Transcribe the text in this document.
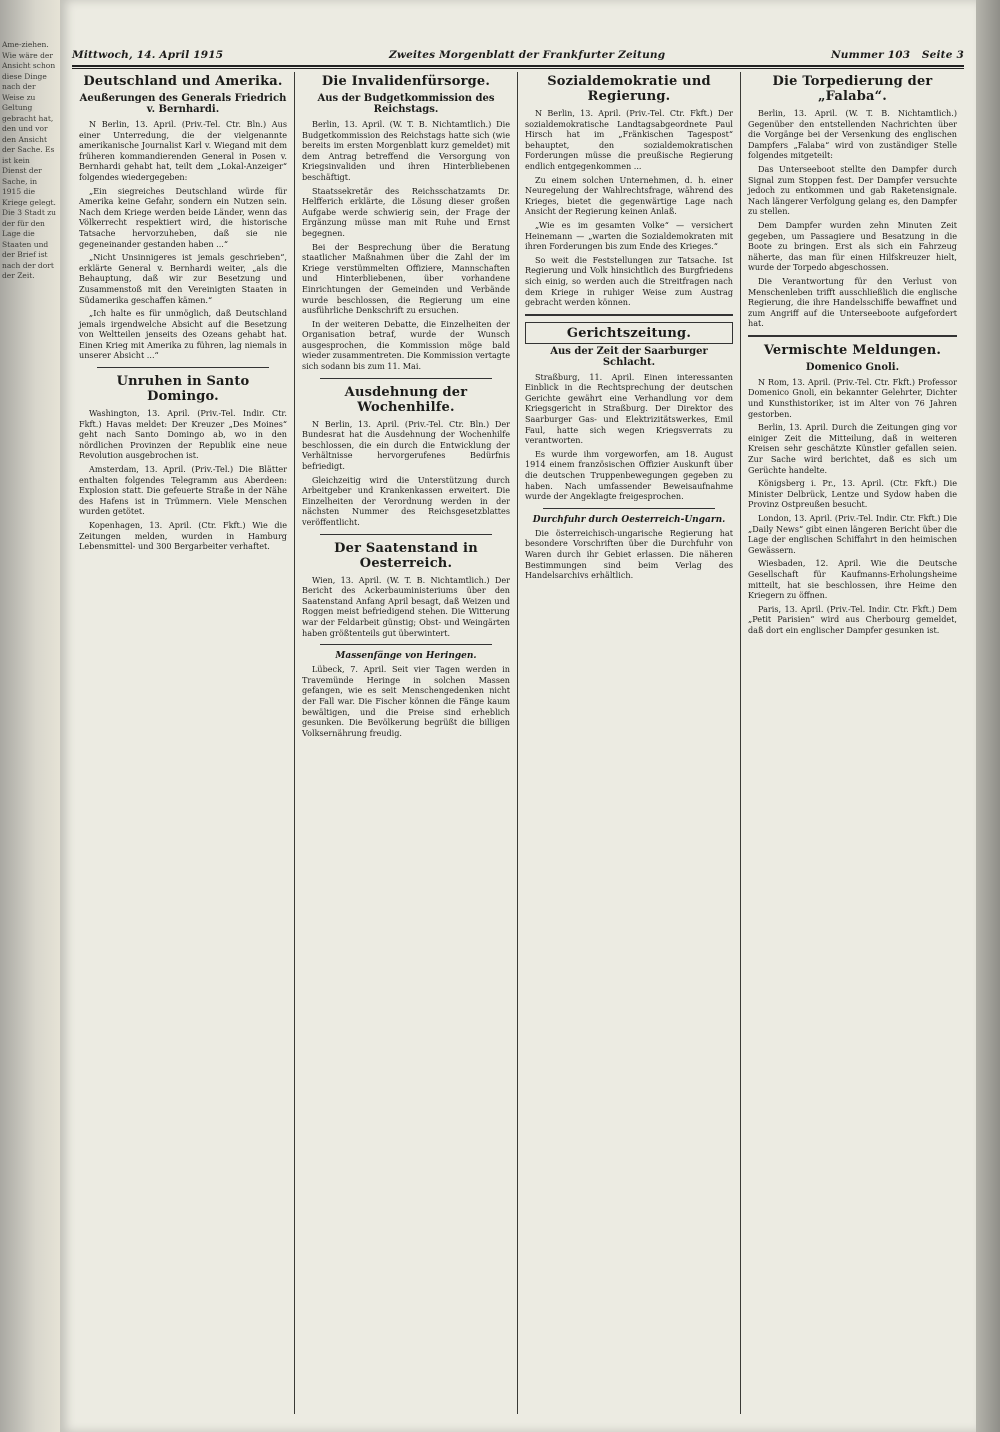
Ame-ziehen. Wie wäre der Ansicht schon diese Dinge nach der Weise zu Geltung gebracht hat, den und vor den Ansicht der Sache. Es ist kein Dienst der Sache, in 1915 die Kriege gelegt. Die 3 Stadt zu der für den Lage die Staaten und der Brief ist nach der dort der Zeit.
Mittwoch, 14. April 1915	Zweites Morgenblatt der Frankfurter Zeitung	Nummer 103 Seite 3
Deutschland und Amerika.
Aeußerungen des Generals Friedrich v. Bernhardi.

N Berlin, 13. April. (Priv.-Tel. Ctr. Bln.) Aus einer Unterredung, die der vielgenannte amerikanische Journalist Karl v. Wiegand mit dem früheren kommandierenden General in Posen v. Bernhardi gehabt hat, teilt dem „Lokal-Anzeiger“ folgendes wiedergegeben:

„Ein siegreiches Deutschland würde für Amerika keine Gefahr, sondern ein Nutzen sein. Nach dem Kriege werden beide Länder, wenn das Völkerrecht respektiert wird, die historische Tatsache hervorzuheben, daß sie nie gegeneinander gestanden haben ...“

„Nicht Unsinnigeres ist jemals geschrieben“, erklärte General v. Bernhardi weiter, „als die Behauptung, daß wir zur Besetzung und Zusammenstoß mit den Vereinigten Staaten in Südamerika geschaffen kämen.“

„Ich halte es für unmöglich, daß Deutschland jemals irgendwelche Absicht auf die Besetzung von Weltteilen jenseits des Ozeans gehabt hat. Einen Krieg mit Amerika zu führen, lag niemals in unserer Absicht ...“

Unruhen in Santo Domingo.

Washington, 13. April. (Priv.-Tel. Indir. Ctr. Fkft.) Havas meldet: Der Kreuzer „Des Moines“ geht nach Santo Domingo ab, wo in den nördlichen Provinzen der Republik eine neue Revolution ausgebrochen ist.

Amsterdam, 13. April. (Priv.-Tel.) Die Blätter enthalten folgendes Telegramm aus Aberdeen: Explosion statt. Die gefeuerte Straße in der Nähe des Hafens ist in Trümmern. Viele Menschen wurden getötet.

Kopenhagen, 13. April. (Ctr. Fkft.) Wie die Zeitungen melden, wurden in Hamburg Lebensmittel- und 300 Bergarbeiter verhaftet.

Die Invalidenfürsorge.
Aus der Budgetkommission des Reichstags.

Berlin, 13. April. (W. T. B. Nichtamtlich.) Die Budgetkommission des Reichstags hatte sich (wie bereits im ersten Morgenblatt kurz gemeldet) mit dem Antrag betreffend die Versorgung von Kriegsinvaliden und ihren Hinterbliebenen beschäftigt.

Staatssekretär des Reichsschatzamts Dr. Helfferich erklärte, die Lösung dieser großen Aufgabe werde schwierig sein, der Frage der Ergänzung müsse man mit Ruhe und Ernst begegnen.

Bei der Besprechung über die Beratung staatlicher Maßnahmen über die Zahl der im Kriege verstümmelten Offiziere, Mannschaften und Hinterbliebenen, über vorhandene Einrichtungen der Gemeinden und Verbände wurde beschlossen, die Regierung um eine ausführliche Denkschrift zu ersuchen.

In der weiteren Debatte, die Einzelheiten der Organisation betraf, wurde der Wunsch ausgesprochen, die Kommission möge bald wieder zusammentreten. Die Kommission vertagte sich sodann bis zum 11. Mai.

Ausdehnung der Wochenhilfe.

N Berlin, 13. April. (Priv.-Tel. Ctr. Bln.) Der Bundesrat hat die Ausdehnung der Wochenhilfe beschlossen, die ein durch die Entwicklung der Verhältnisse hervorgerufenes Bedürfnis befriedigt.

Gleichzeitig wird die Unterstützung durch Arbeitgeber und Krankenkassen erweitert. Die Einzelheiten der Verordnung werden in der nächsten Nummer des Reichsgesetzblattes veröffentlicht.

Der Saatenstand in Oesterreich.

Wien, 13. April. (W. T. B. Nichtamtlich.) Der Bericht des Ackerbauministeriums über den Saatenstand Anfang April besagt, daß Weizen und Roggen meist befriedigend stehen. Die Witterung war der Feldarbeit günstig; Obst- und Weingärten haben größtenteils gut überwintert.

Massenfänge von Heringen.

Lübeck, 7. April. Seit vier Tagen werden in Travemünde Heringe in solchen Massen gefangen, wie es seit Menschengedenken nicht der Fall war. Die Fischer können die Fänge kaum bewältigen, und die Preise sind erheblich gesunken. Die Bevölkerung begrüßt die billigen Volksernährung freudig.

Sozialdemokratie und Regierung.

N Berlin, 13. April. (Priv.-Tel. Ctr. Fkft.) Der sozialdemokratische Landtagsabgeordnete Paul Hirsch hat im „Fränkischen Tagespost“ behauptet, den sozialdemokratischen Forderungen müsse die preußische Regierung endlich entgegenkommen ...

Zu einem solchen Unternehmen, d. h. einer Neuregelung der Wahlrechtsfrage, während des Krieges, bietet die gegenwärtige Lage nach Ansicht der Regierung keinen Anlaß.

„Wie es im gesamten Volke“ — versichert Heinemann — „warten die Sozialdemokraten mit ihren Forderungen bis zum Ende des Krieges.“

So weit die Feststellungen zur Tatsache. Ist Regierung und Volk hinsichtlich des Burgfriedens sich einig, so werden auch die Streitfragen nach dem Kriege in ruhiger Weise zum Austrag gebracht werden können.

Gerichtszeitung.
Aus der Zeit der Saarburger Schlacht.

Straßburg, 11. April. Einen interessanten Einblick in die Rechtsprechung der deutschen Gerichte gewährt eine Verhandlung vor dem Kriegsgericht in Straßburg. Der Direktor des Saarburger Gas- und Elektrizitätswerkes, Emil Faul, hatte sich wegen Kriegsverrats zu verantworten.

Es wurde ihm vorgeworfen, am 18. August 1914 einem französischen Offizier Auskunft über die deutschen Truppenbewegungen gegeben zu haben. Nach umfassender Beweisaufnahme wurde der Angeklagte freigesprochen.

Durchfuhr durch Oesterreich-Ungarn.

Die österreichisch-ungarische Regierung hat besondere Vorschriften über die Durchfuhr von Waren durch ihr Gebiet erlassen. Die näheren Bestimmungen sind beim Verlag des Handelsarchivs erhältlich.

Die Torpedierung der „Falaba“.

Berlin, 13. April. (W. T. B. Nichtamtlich.) Gegenüber den entstellenden Nachrichten über die Vorgänge bei der Versenkung des englischen Dampfers „Falaba“ wird von zuständiger Stelle folgendes mitgeteilt:

Das Unterseeboot stellte den Dampfer durch Signal zum Stoppen fest. Der Dampfer versuchte jedoch zu entkommen und gab Raketensignale. Nach längerer Verfolgung gelang es, den Dampfer zu stellen.

Dem Dampfer wurden zehn Minuten Zeit gegeben, um Passagiere und Besatzung in die Boote zu bringen. Erst als sich ein Fahrzeug näherte, das man für einen Hilfskreuzer hielt, wurde der Torpedo abgeschossen.

Die Verantwortung für den Verlust von Menschenleben trifft ausschließlich die englische Regierung, die ihre Handelsschiffe bewaffnet und zum Angriff auf die Unterseeboote aufgefordert hat.

Vermischte Meldungen.
Domenico Gnoli.

N Rom, 13. April. (Priv.-Tel. Ctr. Fkft.) Professor Domenico Gnoli, ein bekannter Gelehrter, Dichter und Kunsthistoriker, ist im Alter von 76 Jahren gestorben.

Berlin, 13. April. Durch die Zeitungen ging vor einiger Zeit die Mitteilung, daß in weiteren Kreisen sehr geschätzte Künstler gefallen seien. Zur Sache wird berichtet, daß es sich um Gerüchte handelte.

Königsberg i. Pr., 13. April. (Ctr. Fkft.) Die Minister Delbrück, Lentze und Sydow haben die Provinz Ostpreußen besucht.

London, 13. April. (Priv.-Tel. Indir. Ctr. Fkft.) Die „Daily News“ gibt einen längeren Bericht über die Lage der englischen Schiffahrt in den heimischen Gewässern.

Wiesbaden, 12. April. Wie die Deutsche Gesellschaft für Kaufmanns-Erholungsheime mitteilt, hat sie beschlossen, ihre Heime den Kriegern zu öffnen.

Paris, 13. April. (Priv.-Tel. Indir. Ctr. Fkft.) Dem „Petit Parisien“ wird aus Cherbourg gemeldet, daß dort ein englischer Dampfer gesunken ist.
